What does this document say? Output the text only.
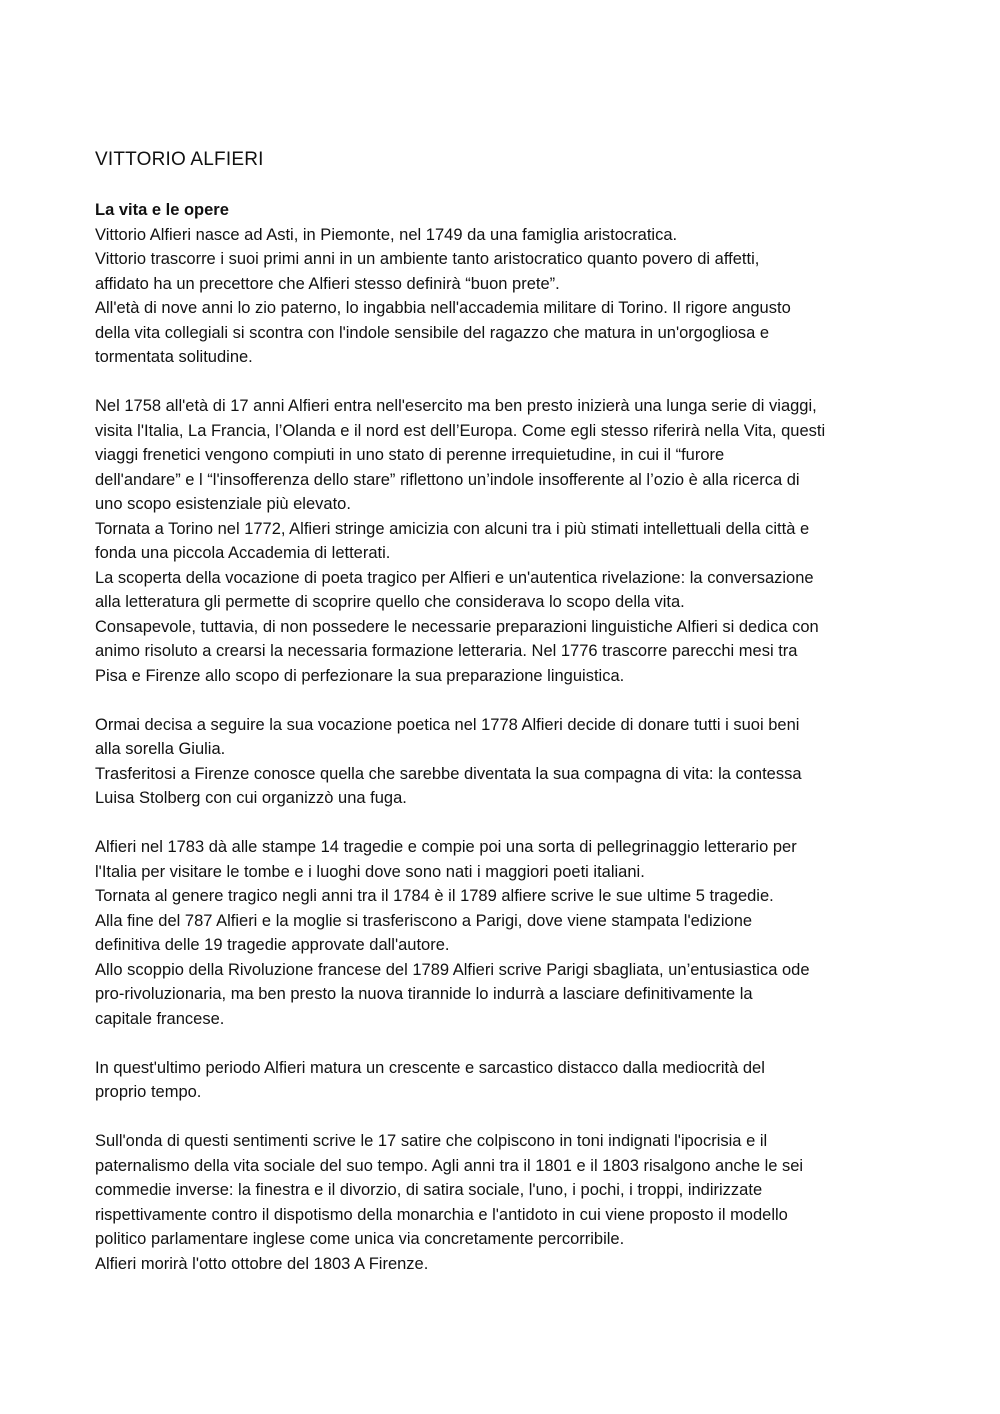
VITTORIO ALFIERI

La vita e le opere

Vittorio Alfieri nasce ad Asti, in Piemonte, nel 1749 da una famiglia aristocratica.

Vittorio trascorre i suoi primi anni in un ambiente tanto aristocratico quanto povero di affetti,
affidato ha un precettore che Alfieri stesso definirà “buon prete”.

All'età di nove anni lo zio paterno, lo ingabbia nell'accademia militare di Torino. Il rigore angusto
della vita collegiali si scontra con l'indole sensibile del ragazzo che matura in un'orgogliosa e
tormentata solitudine.

Nel 1758 all'età di 17 anni Alfieri entra nell'esercito ma ben presto inizierà una lunga serie di viaggi,
visita l'Italia, La Francia, l’Olanda e il nord est dell’Europa. Come egli stesso riferirà nella Vita, questi
viaggi frenetici vengono compiuti in uno stato di perenne irrequietudine, in cui il “furore
dell'andare” e l “l'insofferenza dello stare” riflettono un’indole insofferente al l’ozio è alla ricerca di
uno scopo esistenziale più elevato.

Tornata a Torino nel 1772, Alfieri stringe amicizia con alcuni tra i più stimati intellettuali della città e
fonda una piccola Accademia di letterati.

La scoperta della vocazione di poeta tragico per Alfieri e un'autentica rivelazione: la conversazione
alla letteratura gli permette di scoprire quello che considerava lo scopo della vita.

Consapevole, tuttavia, di non possedere le necessarie preparazioni linguistiche Alfieri si dedica con
animo risoluto a crearsi la necessaria formazione letteraria. Nel 1776 trascorre parecchi mesi tra
Pisa e Firenze allo scopo di perfezionare la sua preparazione linguistica.

Ormai decisa a seguire la sua vocazione poetica nel 1778 Alfieri decide di donare tutti i suoi beni
alla sorella Giulia.

Trasferitosi a Firenze conosce quella che sarebbe diventata la sua compagna di vita: la contessa
Luisa Stolberg con cui organizzò una fuga.

Alfieri nel 1783 dà alle stampe 14 tragedie e compie poi una sorta di pellegrinaggio letterario per
l'Italia per visitare le tombe e i luoghi dove sono nati i maggiori poeti italiani.

Tornata al genere tragico negli anni tra il 1784 è il 1789 alfiere scrive le sue ultime 5 tragedie.

Alla fine del 787 Alfieri e la moglie si trasferiscono a Parigi, dove viene stampata l'edizione
definitiva delle 19 tragedie approvate dall'autore.

Allo scoppio della Rivoluzione francese del 1789 Alfieri scrive Parigi sbagliata, un’entusiastica ode
pro-rivoluzionaria, ma ben presto la nuova tirannide lo indurrà a lasciare definitivamente la
capitale francese.

In quest'ultimo periodo Alfieri matura un crescente e sarcastico distacco dalla mediocrità del
proprio tempo.

Sull'onda di questi sentimenti scrive le 17 satire che colpiscono in toni indignati l'ipocrisia e il
paternalismo della vita sociale del suo tempo. Agli anni tra il 1801 e il 1803 risalgono anche le sei
commedie inverse: la finestra e il divorzio, di satira sociale, l'uno, i pochi, i troppi, indirizzate
rispettivamente contro il dispotismo della monarchia e l'antidoto in cui viene proposto il modello
politico parlamentare inglese come unica via concretamente percorribile.

Alfieri morirà l'otto ottobre del 1803 A Firenze.
